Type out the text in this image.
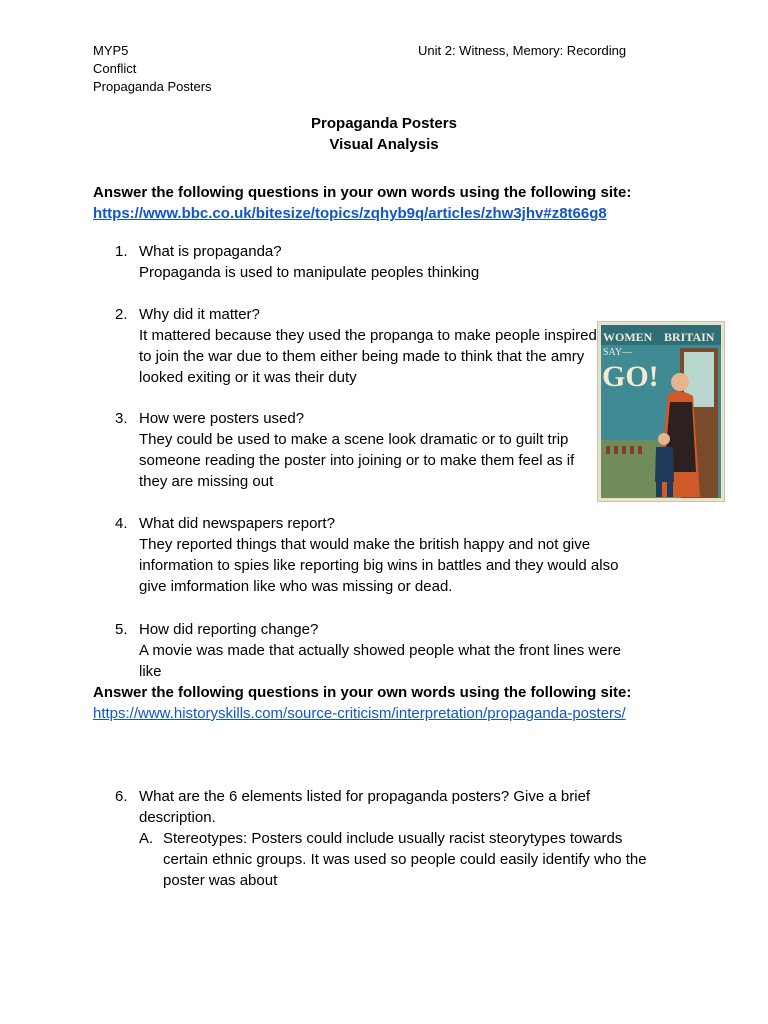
MYP5
Conflict
Propaganda Posters
Unit 2: Witness, Memory: Recording
Propaganda Posters
Visual Analysis
Answer the following questions in your own words using the following site: https://www.bbc.co.uk/bitesize/topics/zqhyb9q/articles/zhw3jhv#z8t66g8
1. What is propaganda?
Propaganda is used to manipulate peoples thinking
2. Why did it matter?
It mattered because they used the propanga to make people inspired to join the war due to them either being made to think that the amry looked exiting or it was their duty
3. How were posters used?
They could be used to make a scene look dramatic or to guilt trip someone reading the poster into joining or to make them feel as if they are missing out
4. What did newspapers report?
They reported things that would make the british happy and not give information to spies like reporting big wins in battles and they would also give imformation like who was missing or dead.
5. How did reporting change?
A movie was made that actually showed people what the front lines were like
Answer the following questions in your own words using the following site:
https://www.historyskills.com/source-criticism/interpretation/propaganda-posters/
6. What are the 6 elements listed for propaganda posters? Give a brief description.
A. Stereotypes: Posters could include usually racist steorytypes towards certain ethnic groups. It was used so people could easily identify who the poster was about
WOMEN BRITAIN
SAY—
GO!
